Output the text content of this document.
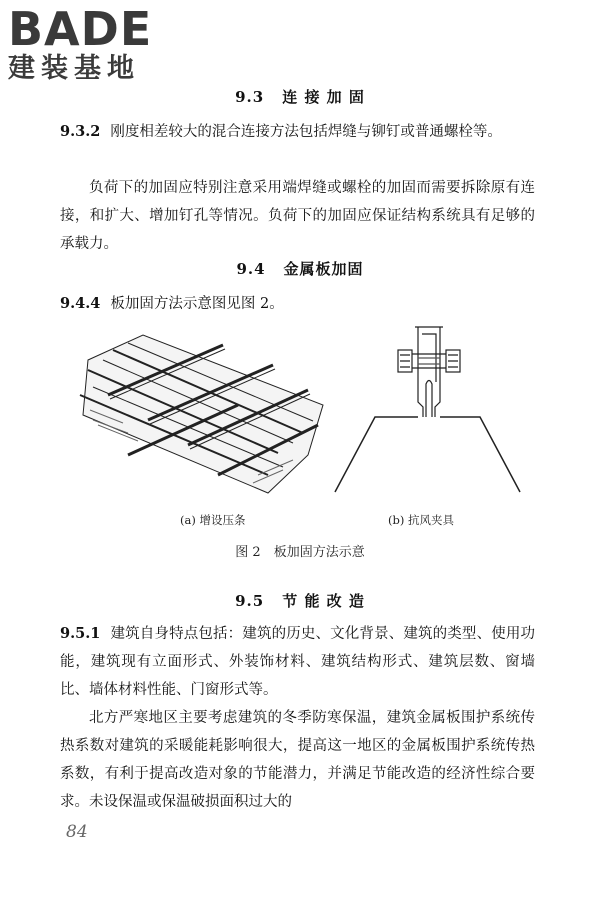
BADE
建装基地
9.3 连 接 加 固
9.3.2 刚度相差较大的混合连接方法包括焊缝与铆钉或普通螺栓等。
负荷下的加固应特别注意采用端焊缝或螺栓的加固而需要拆除原有连接，和扩大、增加钉孔等情况。负荷下的加固应保证结构系统具有足够的承载力。
9.4 金属板加固
9.4.4 板加固方法示意图见图 2。
(a) 增设压条	(b) 抗风夹具
图 2　板加固方法示意
9.5 节 能 改 造
9.5.1 建筑自身特点包括：建筑的历史、文化背景、建筑的类型、使用功能，建筑现有立面形式、外装饰材料、建筑结构形式、建筑层数、窗墙比、墙体材料性能、门窗形式等。
北方严寒地区主要考虑建筑的冬季防寒保温，建筑金属板围护系统传热系数对建筑的采暖能耗影响很大，提高这一地区的金属板围护系统传热系数，有利于提高改造对象的节能潜力，并满足节能改造的经济性综合要求。未设保温或保温破损面积过大的
84
